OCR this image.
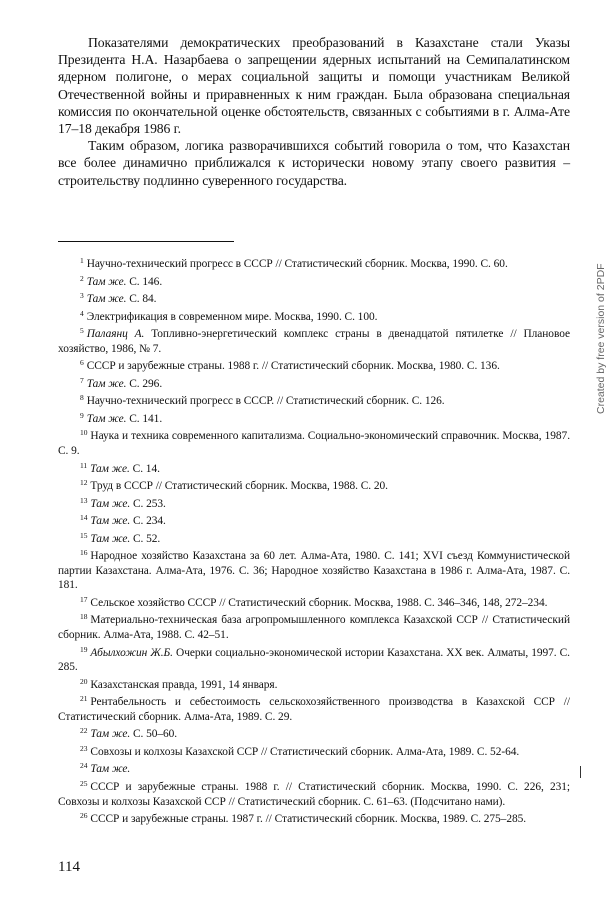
Показателями демократических преобразований в Казахстане стали Указы Президента Н.А. Назарбаева о запрещении ядерных испытаний на Семипалатинском ядерном полигоне, о мерах социальной защиты и помощи участникам Великой Отечественной войны и приравненных к ним граждан. Была образована специальная комиссия по окончательной оценке обстоятельств, связанных с событиями в г. Алма-Ате 17–18 декабря 1986 г.

Таким образом, логика разворачившихся событий говорила о том, что Казахстан все более динамично приближался к исторически новому этапу своего развития – строительству подлинно суверенного государства.

$^1$ Научно-технический прогресс в СССР // Статистический сборник. Москва, 1990. С. 60.

$^2$ Там же. С. 146.

$^3$ Там же. С. 84.

$^4$ Электрификация в современном мире. Москва, 1990. С. 100.

$^5$ Палаянц А. Топливно-энергетический комплекс страны в двенадцатой пятилетке // Плановое хозяйство, 1986, № 7.

$^6$ СССР и зарубежные страны. 1988 г. // Статистический сборник. Москва, 1980. С. 136.

$^7$ Там же. С. 296.

$^8$ Научно-технический прогресс в СССР. // Статистический сборник. С. 126.

$^9$ Там же. С. 141.

$^{10}$ Наука и техника современного капитализма. Социально-экономический справочник. Москва, 1987. С. 9.

$^{11}$ Там же. С. 14.

$^{12}$ Труд в СССР // Статистический сборник. Москва, 1988. С. 20.

$^{13}$ Там же. С. 253.

$^{14}$ Там же. С. 234.

$^{15}$ Там же. С. 52.

$^{16}$ Народное хозяйство Казахстана за 60 лет. Алма-Ата, 1980. С. 141; XVI съезд Коммунистической партии Казахстана. Алма-Ата, 1976. С. 36; Народное хозяйство Казахстана в 1986 г. Алма-Ата, 1987. С. 181.

$^{17}$ Сельское хозяйство СССР // Статистический сборник. Москва, 1988. С. 346–346, 148, 272–234.

$^{18}$ Материально-техническая база агропромышленного комплекса Казахской ССР // Статистический сборник. Алма-Ата, 1988. С. 42–51.

$^{19}$ Абылхожин Ж.Б. Очерки социально-экономической истории Казахстана. XX век. Алматы, 1997. С. 285.

$^{20}$ Казахстанская правда, 1991, 14 января.

$^{21}$ Рентабельность и себестоимость сельскохозяйственного производства в Казахской ССР // Статистический сборник. Алма-Ата, 1989. С. 29.

$^{22}$ Там же. С. 50–60.

$^{23}$ Совхозы и колхозы Казахской ССР // Статистический сборник. Алма-Ата, 1989. С. 52-64.

$^{24}$ Там же.

$^{25}$ СССР и зарубежные страны. 1988 г. // Статистический сборник. Москва, 1990. С. 226, 231; Совхозы и колхозы Казахской ССР // Статистический сборник. С. 61–63. (Подсчитано нами).

$^{26}$ СССР и зарубежные страны. 1987 г. // Статистический сборник. Москва, 1989. С. 275–285.

114
Created by free version of 2PDF
